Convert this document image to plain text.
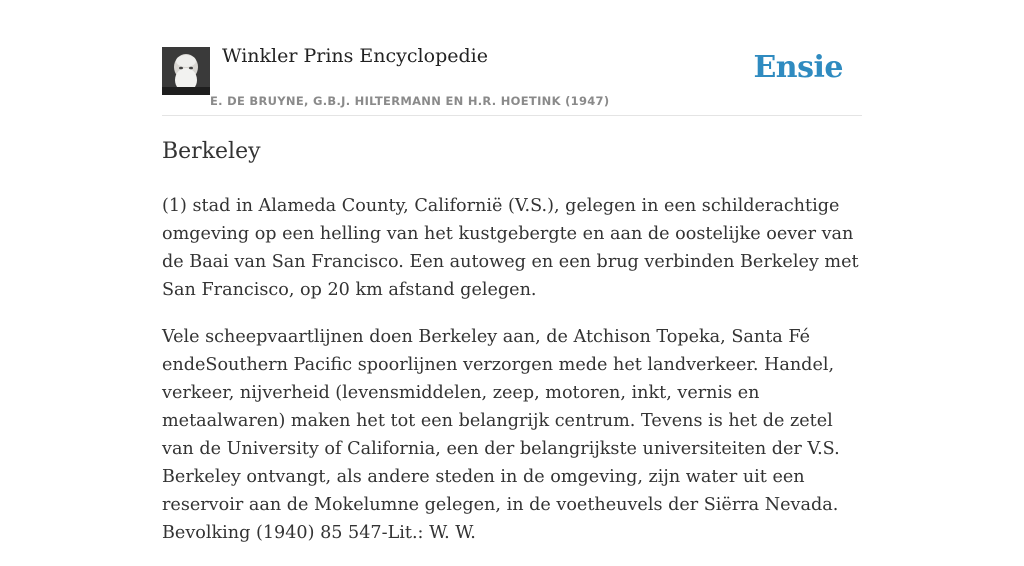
Winkler Prins Encyclopedie
E. DE BRUYNE, G.B.J. HILTERMANN EN H.R. HOETINK (1947)
Ensie
Berkeley

(1) stad in Alameda County, Californië (V.S.), gelegen in een schilderachtige omgeving op een helling van het kustgebergte en aan de oostelijke oever van de Baai van San Francisco. Een autoweg en een brug verbinden Berkeley met San Francisco, op 20 km afstand gelegen.

Vele scheepvaartlijnen doen Berkeley aan, de Atchison Topeka, Santa Fé endeSouthern Pacific spoorlijnen verzorgen mede het landverkeer. Handel, verkeer, nijverheid (levensmiddelen, zeep, motoren, inkt, vernis en metaalwaren) maken het tot een belangrijk centrum. Tevens is het de zetel van de University of California, een der belangrijkste universiteiten der V.S. Berkeley ontvangt, als andere steden in de omgeving, zijn water uit een reservoir aan de Mokelumne gelegen, in de voetheuvels der Siërra Nevada. Bevolking (1940) 85 547-Lit.: W. W.
